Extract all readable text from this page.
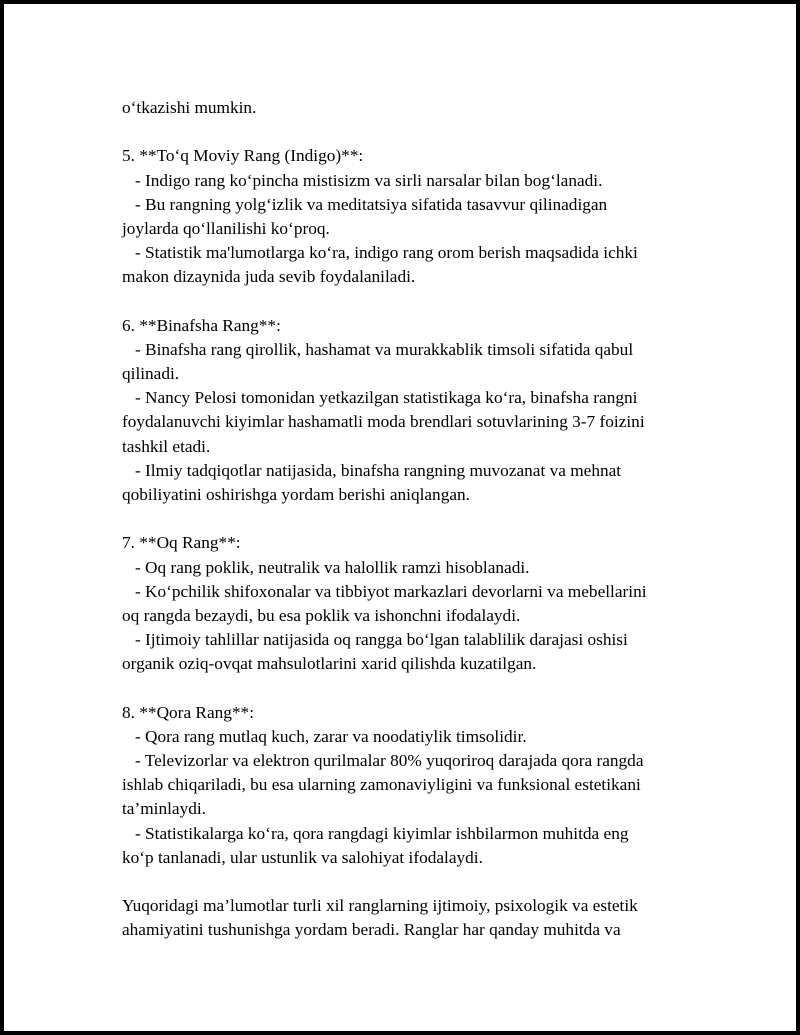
o‘tkazishi mumkin.
5. **To‘q Moviy Rang (Indigo)**:
- Indigo rang ko‘pincha mistisizm va sirli narsalar bilan bog‘lanadi.
- Bu rangning yolg‘izlik va meditatsiya sifatida tasavvur qilinadigan
joylarda qo‘llanilishi ko‘proq.
- Statistik ma'lumotlarga ko‘ra, indigo rang orom berish maqsadida ichki
makon dizaynida juda sevib foydalaniladi.
6. **Binafsha Rang**:
- Binafsha rang qirollik, hashamat va murakkablik timsoli sifatida qabul
qilinadi.
- Nancy Pelosi tomonidan yetkazilgan statistikaga ko‘ra, binafsha rangni
foydalanuvchi kiyimlar hashamatli moda brendlari sotuvlarining 3-7 foizini
tashkil etadi.
- Ilmiy tadqiqotlar natijasida, binafsha rangning muvozanat va mehnat
qobiliyatini oshirishga yordam berishi aniqlangan.
7. **Oq Rang**:
- Oq rang poklik, neutralik va halollik ramzi hisoblanadi.
- Ko‘pchilik shifoxonalar va tibbiyot markazlari devorlarni va mebellarini
oq rangda bezaydi, bu esa poklik va ishonchni ifodalaydi.
- Ijtimoiy tahlillar natijasida oq rangga bo‘lgan talablilik darajasi oshisi
organik oziq-ovqat mahsulotlarini xarid qilishda kuzatilgan.
8. **Qora Rang**:
- Qora rang mutlaq kuch, zarar va noodatiylik timsolidir.
- Televizorlar va elektron qurilmalar 80% yuqoriroq darajada qora rangda
ishlab chiqariladi, bu esa ularning zamonaviyligini va funksional estetikani
ta’minlaydi.
- Statistikalarga ko‘ra, qora rangdagi kiyimlar ishbilarmon muhitda eng
ko‘p tanlanadi, ular ustunlik va salohiyat ifodalaydi.
Yuqoridagi ma’lumotlar turli xil ranglarning ijtimoiy, psixologik va estetik
ahamiyatini tushunishga yordam beradi. Ranglar har qanday muhitda va
